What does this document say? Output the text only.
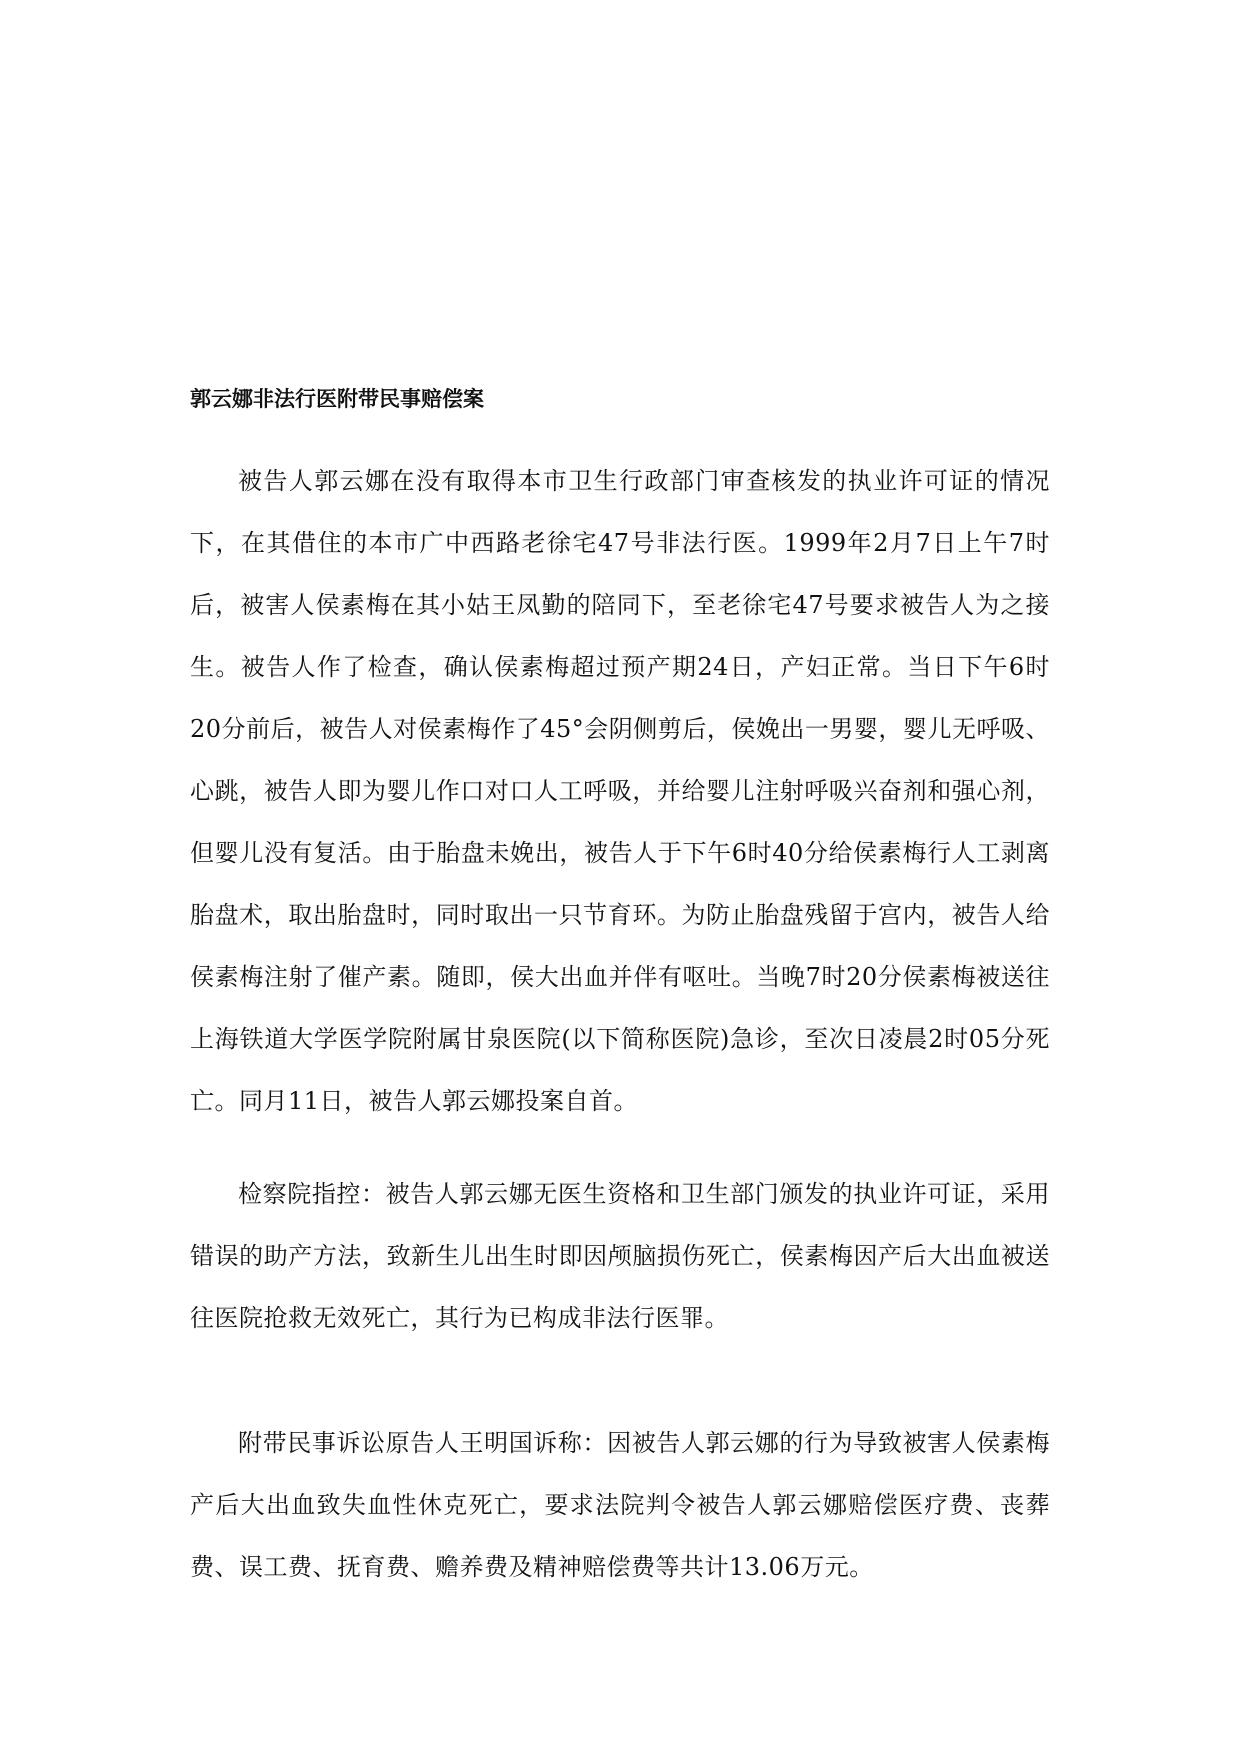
郭云娜非法行医附带民事赔偿案

被告人郭云娜在没有取得本市卫生行政部门审查核发的执业许可证的情况下，在其借住的本市广中西路老徐宅47号非法行医。1999年2月7日上午7时后，被害人侯素梅在其小姑王凤勤的陪同下，至老徐宅47号要求被告人为之接生。被告人作了检查，确认侯素梅超过预产期24日，产妇正常。当日下午6时20分前后，被告人对侯素梅作了45°会阴侧剪后，侯娩出一男婴，婴儿无呼吸、心跳，被告人即为婴儿作口对口人工呼吸，并给婴儿注射呼吸兴奋剂和强心剂，但婴儿没有复活。由于胎盘未娩出，被告人于下午6时40分给侯素梅行人工剥离胎盘术，取出胎盘时，同时取出一只节育环。为防止胎盘残留于宫内，被告人给侯素梅注射了催产素。随即，侯大出血并伴有呕吐。当晚7时20分侯素梅被送往上海铁道大学医学院附属甘泉医院(以下简称医院)急诊，至次日凌晨2时05分死亡。同月11日，被告人郭云娜投案自首。

检察院指控：被告人郭云娜无医生资格和卫生部门颁发的执业许可证，采用错误的助产方法，致新生儿出生时即因颅脑损伤死亡，侯素梅因产后大出血被送往医院抢救无效死亡，其行为已构成非法行医罪。

附带民事诉讼原告人王明国诉称：因被告人郭云娜的行为导致被害人侯素梅产后大出血致失血性休克死亡，要求法院判令被告人郭云娜赔偿医疗费、丧葬费、误工费、抚育费、赡养费及精神赔偿费等共计13.06万元。
